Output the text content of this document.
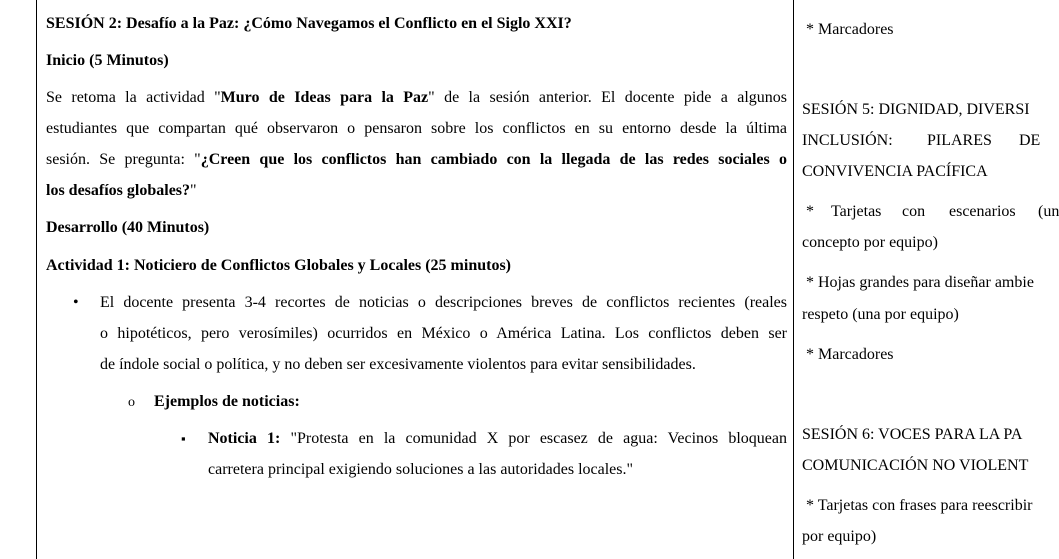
SESIÓN 2: Desafío a la Paz: ¿Cómo Navegamos el Conflicto en el Siglo XXI?
Inicio (5 Minutos)
Se retoma la actividad "Muro de Ideas para la Paz" de la sesión anterior. El docente pide a algunos
estudiantes que compartan qué observaron o pensaron sobre los conflictos en su entorno desde la última
sesión. Se pregunta: "¿Creen que los conflictos han cambiado con la llegada de las redes sociales o
los desafíos globales?"
Desarrollo (40 Minutos)
Actividad 1: Noticiero de Conflictos Globales y Locales (25 minutos)
• El docente presenta 3-4 recortes de noticias o descripciones breves de conflictos recientes (reales
o hipotéticos, pero verosímiles) ocurridos en México o América Latina. Los conflictos deben ser
de índole social o política, y no deben ser excesivamente violentos para evitar sensibilidades.
o Ejemplos de noticias:
▪ Noticia 1: "Protesta en la comunidad X por escasez de agua: Vecinos bloquean
carretera principal exigiendo soluciones a las autoridades locales."
* Marcadores
SESIÓN 5: DIGNIDAD, DIVERSI
INCLUSIÓN: PILARES DE
CONVIVENCIA PACÍFICA
* Tarjetas con escenarios (un
concepto por equipo)
* Hojas grandes para diseñar ambie
respeto (una por equipo)
* Marcadores
SESIÓN 6: VOCES PARA LA PA
COMUNICACIÓN NO VIOLENT
* Tarjetas con frases para reescribir
por equipo)
